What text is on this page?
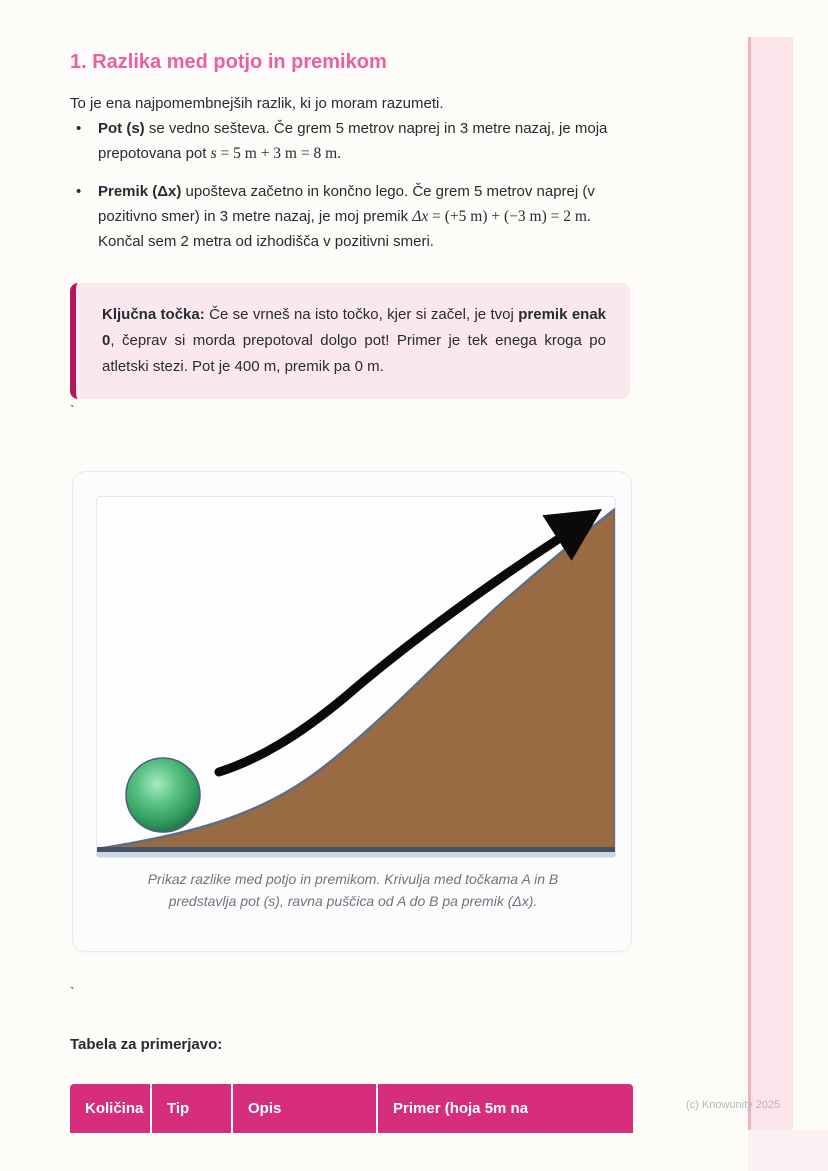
1. Razlika med potjo in premikom

To je ena najpomembnejših razlik, ki jo moram razumeti.

•	Pot (s) se vedno sešteva. Če grem 5 metrov naprej in 3 metre nazaj, je moja prepotovana pot s = 5 m + 3 m = 8 m.
•	Premik (Δx) upošteva začetno in končno lego. Če grem 5 metrov naprej (v pozitivno smer) in 3 metre nazaj, je moj premik Δx = (+5 m) + (−3 m) = 2 m. Končal sem 2 metra od izhodišča v pozitivni smeri.
Ključna točka: Če se vrneš na isto točko, kjer si začel, je tvoj premik enak 0, čeprav si morda prepotoval dolgo pot! Primer je tek enega kroga po atletski stezi. Pot je 400 m, premik pa 0 m.
`
Prikaz razlike med potjo in premikom. Krivulja med točkama A in B predstavlja pot (s), ravna puščica od A do B pa premik (Δx).
`
Tabela za primerjavo:
Količina	Tip	Opis	Primer (hoja 5m na	(c) Knowunity 2025
